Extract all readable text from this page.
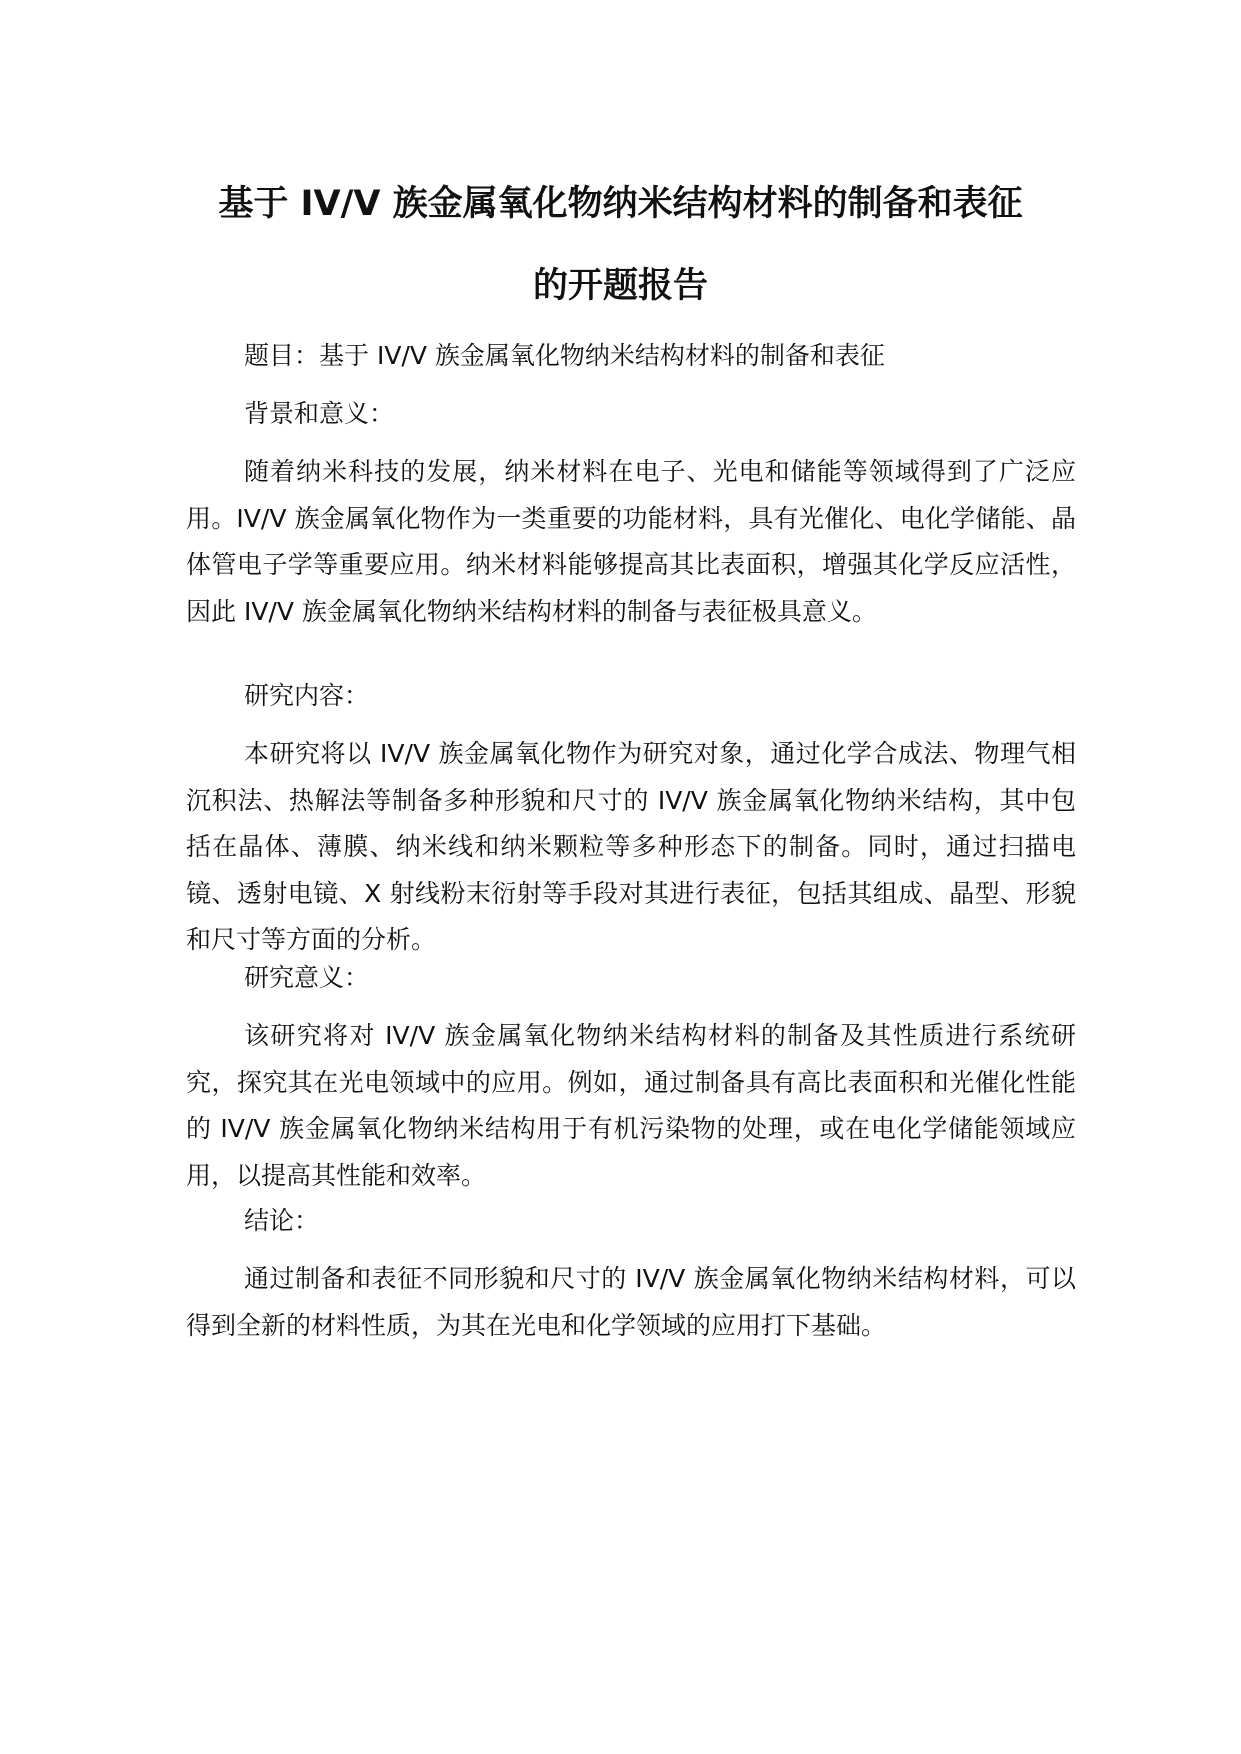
基于 IV/V 族金属氧化物纳米结构材料的制备和表征
的开题报告

题目：基于 IV/V 族金属氧化物纳米结构材料的制备和表征

背景和意义：

随着纳米科技的发展，纳米材料在电子、光电和储能等领域得到了广泛应用。IV/V 族金属氧化物作为一类重要的功能材料，具有光催化、电化学储能、晶体管电子学等重要应用。纳米材料能够提高其比表面积，增强其化学反应活性，因此 IV/V 族金属氧化物纳米结构材料的制备与表征极具意义。

研究内容：

本研究将以 IV/V 族金属氧化物作为研究对象，通过化学合成法、物理气相沉积法、热解法等制备多种形貌和尺寸的 IV/V 族金属氧化物纳米结构，其中包括在晶体、薄膜、纳米线和纳米颗粒等多种形态下的制备。同时，通过扫描电镜、透射电镜、X 射线粉末衍射等手段对其进行表征，包括其组成、晶型、形貌和尺寸等方面的分析。

研究意义：

该研究将对 IV/V 族金属氧化物纳米结构材料的制备及其性质进行系统研究，探究其在光电领域中的应用。例如，通过制备具有高比表面积和光催化性能的 IV/V 族金属氧化物纳米结构用于有机污染物的处理，或在电化学储能领域应用，以提高其性能和效率。

结论：

通过制备和表征不同形貌和尺寸的 IV/V 族金属氧化物纳米结构材料，可以得到全新的材料性质，为其在光电和化学领域的应用打下基础。
